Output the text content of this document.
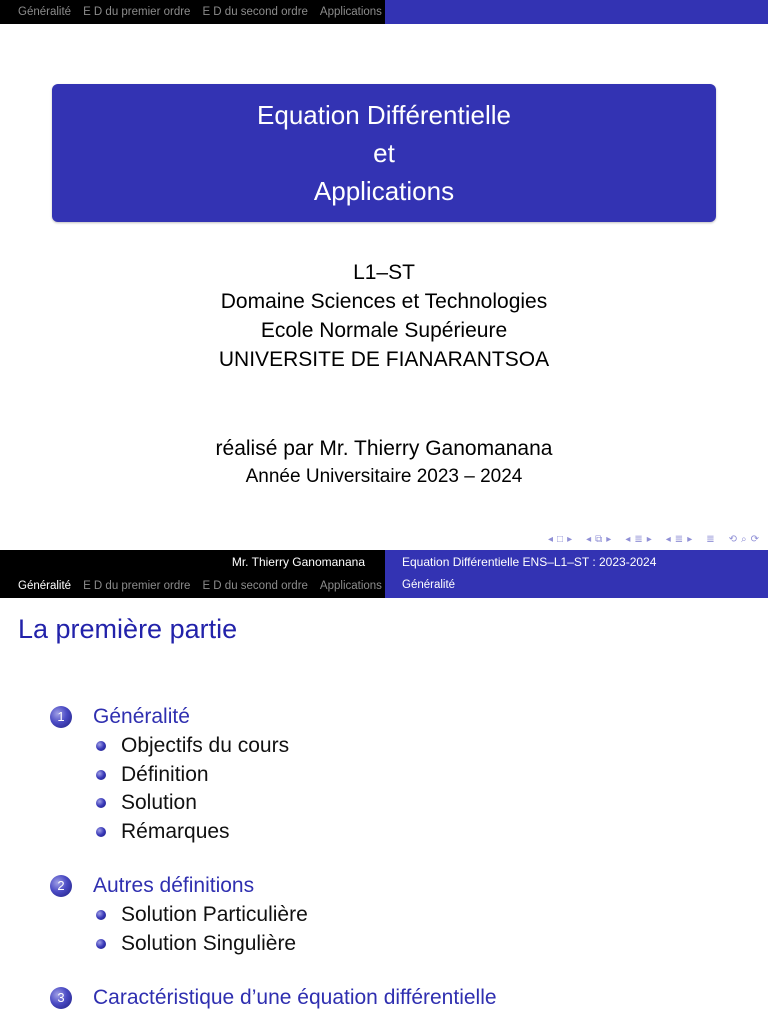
Généralité	E D du premier ordre	E D du second ordre	Applications
Equation Différentielle
et
Applications
L1–ST
Domaine Sciences et Technologies
Ecole Normale Supérieure
UNIVERSITE DE FIANARANTSOA
réalisé par Mr. Thierry Ganomanana
Année Universitaire 2023 – 2024
◂ □ ▸ ◂ ⧉ ▸ ◂ ≣ ▸ ◂ ≣ ▸ ≣ ⟲ ⌕ ⟳
Mr. Thierry Ganomanana
Généralité	E D du premier ordre	E D du second ordre	Applications
Equation Différentielle ENS–L1–ST : 2023-2024
Généralité
La première partie
1	Généralité
Objectifs du cours
Définition
Solution
Rémarques
2	Autres définitions
Solution Particulière
Solution Singulière
3	Caractéristique d’une équation différentielle
